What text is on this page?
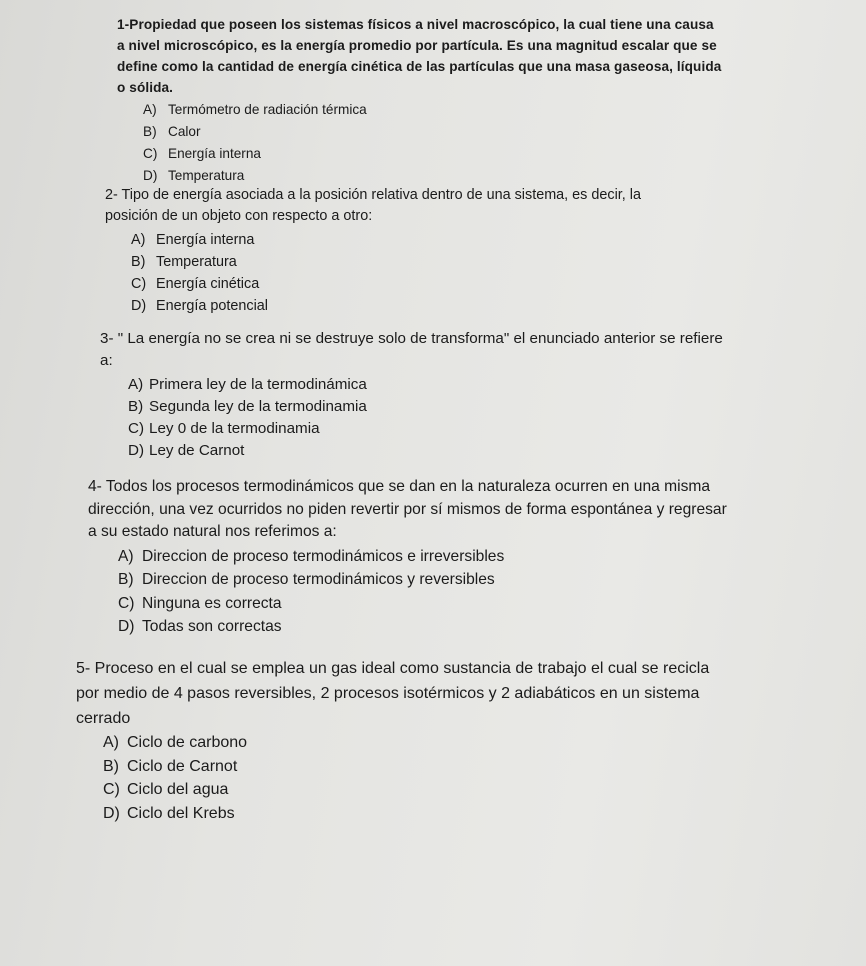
1-Propiedad que poseen los sistemas físicos a nivel macroscópico, la cual tiene una causa
a nivel microscópico, es la energía promedio por partícula. Es una magnitud escalar que se
define como la cantidad de energía cinética de las partículas que una masa gaseosa, líquida
o sólida.

A) Termómetro de radiación térmica
B) Calor
C) Energía interna
D) Temperatura

2- Tipo de energía asociada a la posición relativa dentro de una sistema, es decir, la
posición de un objeto con respecto a otro:

A) Energía interna
B) Temperatura
C) Energía cinética
D) Energía potencial

3- " La energía no se crea ni se destruye solo de transforma" el enunciado anterior se refiere
a:

A) Primera ley de la termodinámica
B) Segunda ley de la termodinamia
C) Ley 0 de la termodinamia
D) Ley de Carnot

4- Todos los procesos termodinámicos que se dan en la naturaleza ocurren en una misma
dirección, una vez ocurridos no piden revertir por sí mismos de forma espontánea y regresar
a su estado natural nos referimos a:

A) Direccion de proceso termodinámicos e irreversibles
B) Direccion de proceso termodinámicos y reversibles
C) Ninguna es correcta
D) Todas son correctas

5- Proceso en el cual se emplea un gas ideal como sustancia de trabajo el cual se recicla
por medio de 4 pasos reversibles, 2 procesos isotérmicos y 2 adiabáticos en un sistema
cerrado

A) Ciclo de carbono
B) Ciclo de Carnot
C) Ciclo del agua
D) Ciclo del Krebs
